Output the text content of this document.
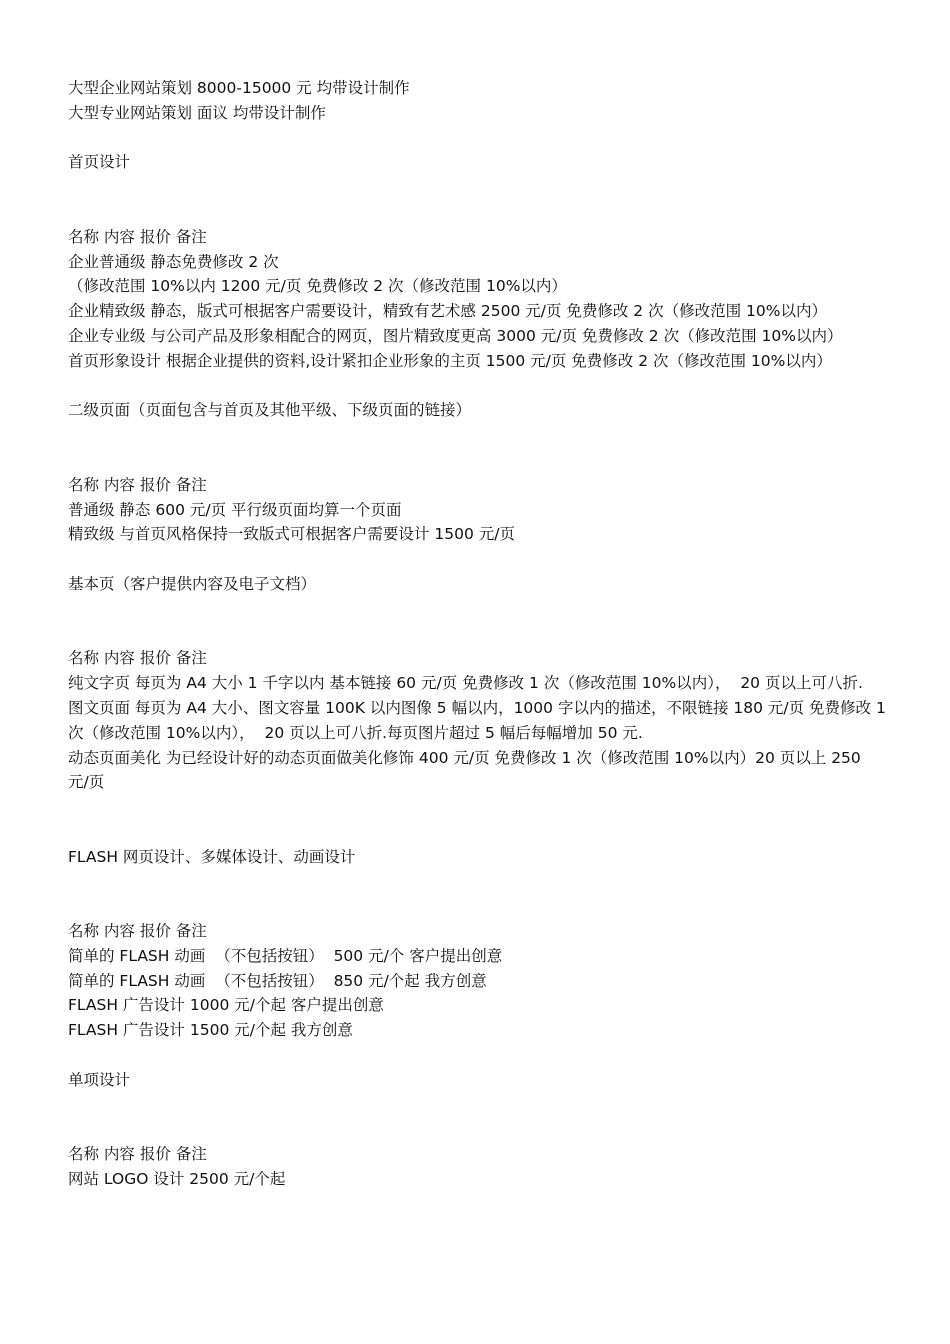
大型企业网站策划 8000-15000 元 均带设计制作
大型专业网站策划 面议 均带设计制作
首页设计
名称 内容 报价 备注
企业普通级 静态免费修改 2 次
（修改范围 10%以内 1200 元/页 免费修改 2 次（修改范围 10%以内）
企业精致级 静态，版式可根据客户需要设计，精致有艺术感 2500 元/页 免费修改 2 次（修改范围 10%以内）
企业专业级 与公司产品及形象相配合的网页，图片精致度更高 3000 元/页 免费修改 2 次（修改范围 10%以内）
首页形象设计 根据企业提供的资料,设计紧扣企业形象的主页 1500 元/页 免费修改 2 次（修改范围 10%以内）
二级页面（页面包含与首页及其他平级、下级页面的链接）
名称 内容 报价 备注
普通级 静态 600 元/页 平行级页面均算一个页面
精致级 与首页风格保持一致版式可根据客户需要设计 1500 元/页
基本页（客户提供内容及电子文档）
名称 内容 报价 备注
纯文字页 每页为 A4 大小 1 千字以内 基本链接 60 元/页 免费修改 1 次（修改范围 10%以内），  20 页以上可八折.
图文页面 每页为 A4 大小、图文容量 100K 以内图像 5 幅以内，1000 字以内的描述，不限链接 180 元/页 免费修改 1 次（修改范围 10%以内），  20 页以上可八折.每页图片超过 5 幅后每幅增加 50 元.
动态页面美化 为已经设计好的动态页面做美化修饰 400 元/页 免费修改 1 次（修改范围 10%以内）20 页以上 250 元/页
FLASH 网页设计、多媒体设计、动画设计
名称 内容 报价 备注
简单的 FLASH 动画  （不包括按钮）  500 元/个 客户提出创意
简单的 FLASH 动画  （不包括按钮）  850 元/个起 我方创意
FLASH 广告设计 1000 元/个起 客户提出创意
FLASH 广告设计 1500 元/个起 我方创意
单项设计
名称 内容 报价 备注
网站 LOGO 设计 2500 元/个起
